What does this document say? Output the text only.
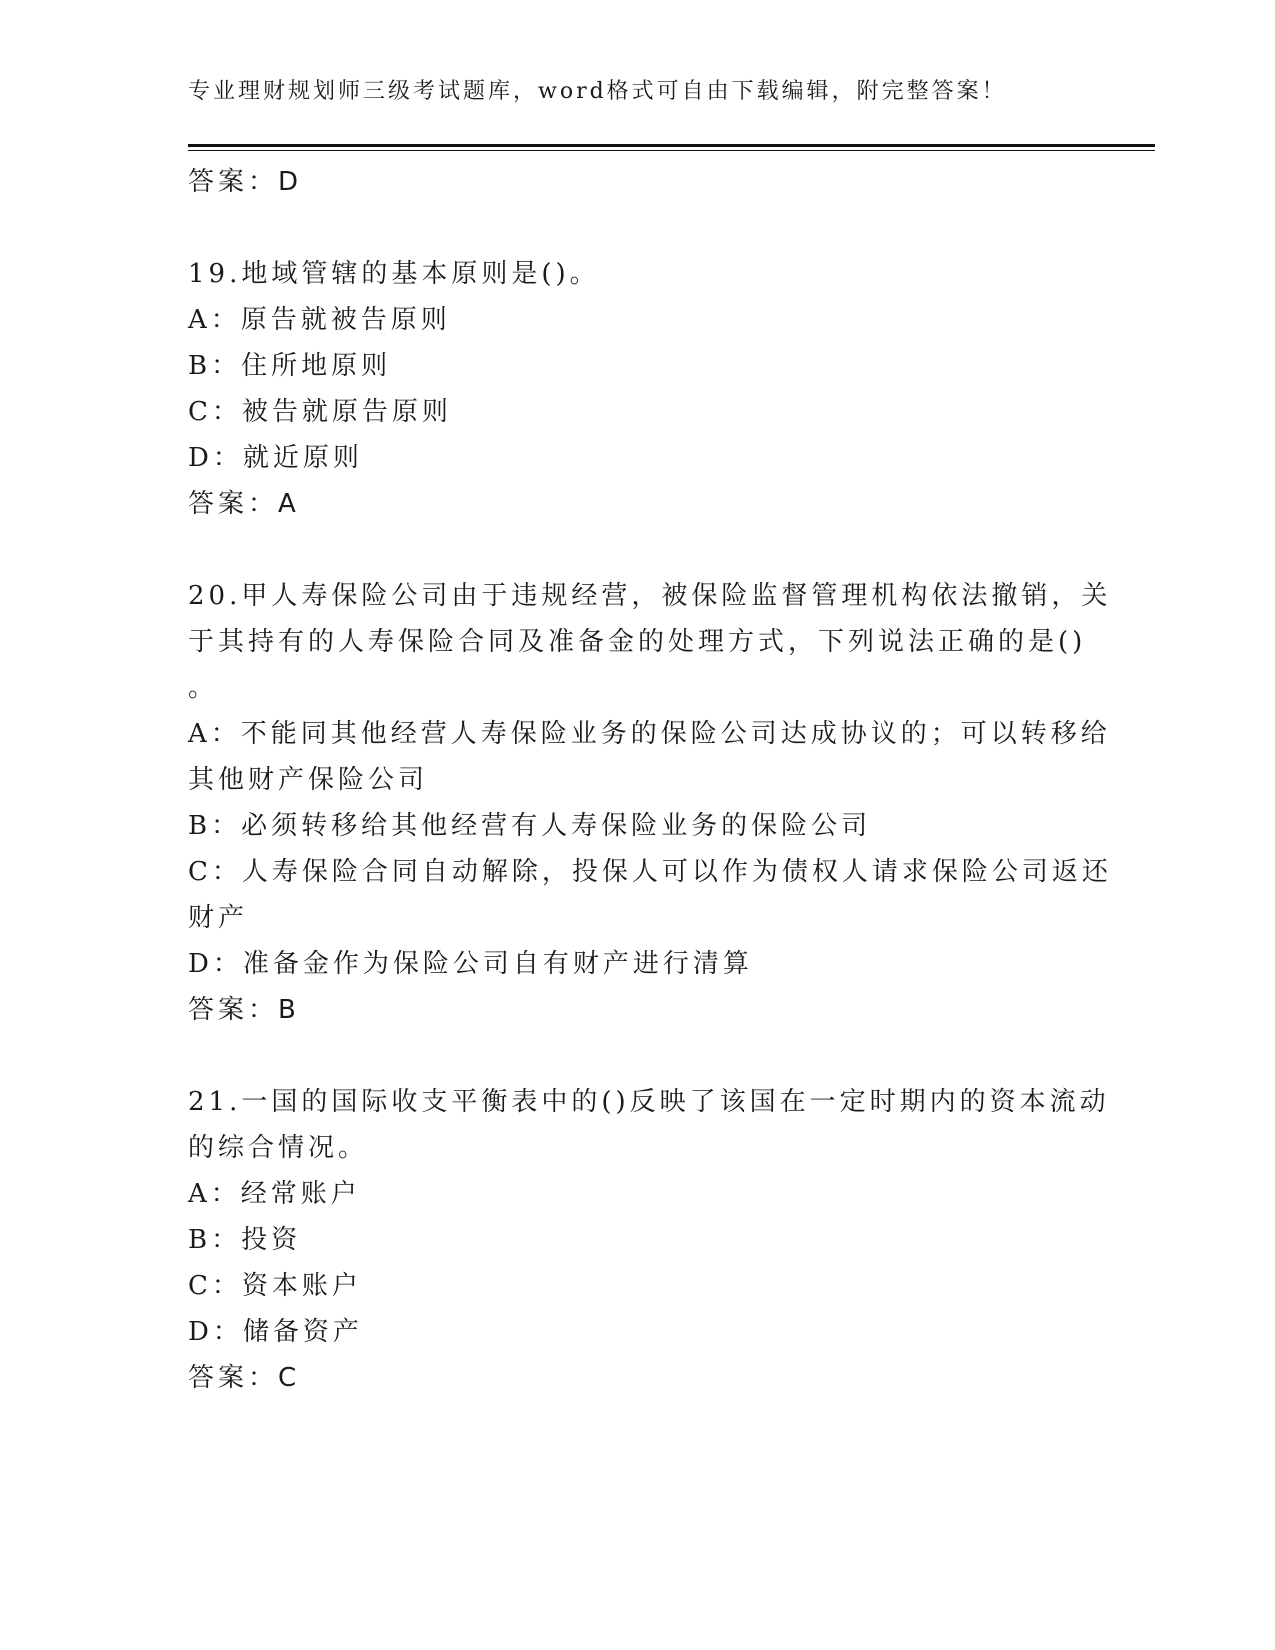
专业理财规划师三级考试题库，word格式可自由下载编辑，附完整答案！
答案：D
19.地域管辖的基本原则是()。
A：原告就被告原则
B：住所地原则
C：被告就原告原则
D：就近原则
答案：A
20.甲人寿保险公司由于违规经营，被保险监督管理机构依法撤销，关
于其持有的人寿保险合同及准备金的处理方式，下列说法正确的是()
。
A：不能同其他经营人寿保险业务的保险公司达成协议的；可以转移给
其他财产保险公司
B：必须转移给其他经营有人寿保险业务的保险公司
C：人寿保险合同自动解除，投保人可以作为债权人请求保险公司返还
财产
D：准备金作为保险公司自有财产进行清算
答案：B
21.一国的国际收支平衡表中的()反映了该国在一定时期内的资本流动
的综合情况。
A：经常账户
B：投资
C：资本账户
D：储备资产
答案：C
